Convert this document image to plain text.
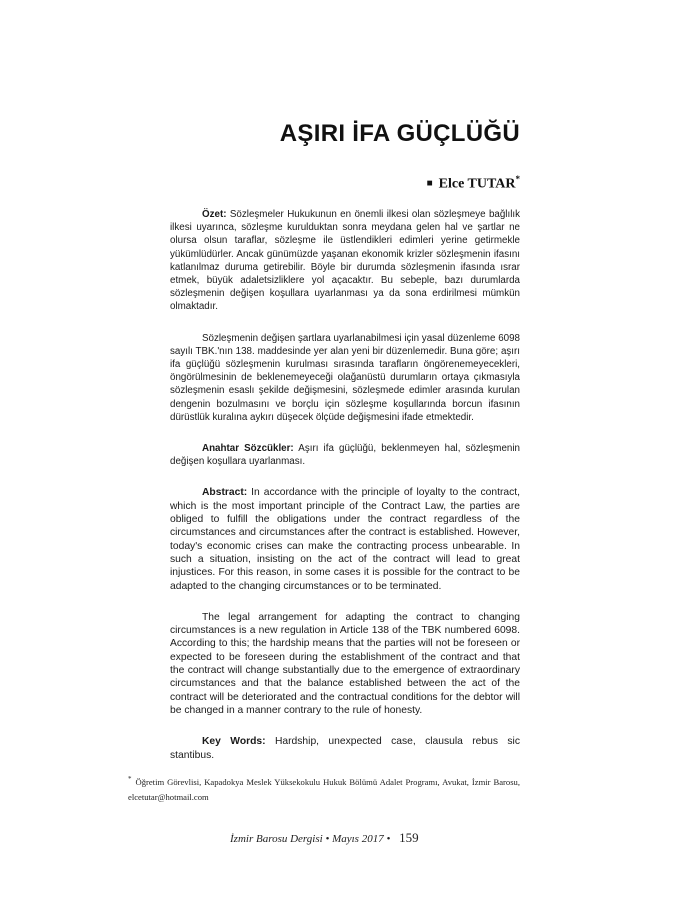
AŞIRI İFA GÜÇLÜĞÜ

■ Elce TUTAR*

Özet: Sözleşmeler Hukukunun en önemli ilkesi olan sözleşmeye bağlılık ilkesi uyarınca, sözleşme kurulduktan sonra meydana gelen hal ve şartlar ne olursa olsun taraflar, sözleşme ile üstlendikleri edimleri yerine getirmekle yükümlüdürler. Ancak günümüzde yaşanan ekonomik krizler sözleşmenin ifasını katlanılmaz duruma getirebilir. Böyle bir durumda sözleşmenin ifasında ısrar etmek, büyük adaletsizliklere yol açacaktır. Bu sebeple, bazı durumlarda sözleşmenin değişen koşullara uyarlanması ya da sona erdirilmesi mümkün olmaktadır.

Sözleşmenin değişen şartlara uyarlanabilmesi için yasal düzenleme 6098 sayılı TBK.'nın 138. maddesinde yer alan yeni bir düzenlemedir. Buna göre; aşırı ifa güçlüğü sözleşmenin kurulması sırasında tarafların öngörenemeyecekleri, öngörülmesinin de beklenemeyeceği olağanüstü durumların ortaya çıkmasıyla sözleşmenin esaslı şekilde değişmesini, sözleşmede edimler arasında kurulan dengenin bozulmasını ve borçlu için sözleşme koşullarında borcun ifasının dürüstlük kuralına aykırı düşecek ölçüde değişmesini ifade etmektedir.

Anahtar Sözcükler: Aşırı ifa güçlüğü, beklenmeyen hal, sözleşmenin değişen koşullara uyarlanması.

Abstract: In accordance with the principle of loyalty to the contract, which is the most important principle of the Contract Law, the parties are obliged to fulfill the obligations under the contract regardless of the circumstances and circumstances after the contract is established. However, today's economic crises can make the contracting process unbearable. In such a situation, insisting on the act of the contract will lead to great injustices. For this reason, in some cases it is possible for the contract to be adapted to the changing circumstances or to be terminated.

The legal arrangement for adapting the contract to changing circumstances is a new regulation in Article 138 of the TBK numbered 6098. According to this; the hardship means that the parties will not be foreseen or expected to be foreseen during the establishment of the contract and that the contract will change substantially due to the emergence of extraordinary circumstances and that the balance established between the act of the contract will be deteriorated and the contractual conditions for the debtor will be changed in a manner contrary to the rule of honesty.

Key Words: Hardship, unexpected case, clausula rebus sic stantibus.

* Öğretim Görevlisi, Kapadokya Meslek Yüksekokulu Hukuk Bölümü Adalet Programı, Avukat, İzmir Barosu, elcetutar@hotmail.com

İzmir Barosu Dergisi • Mayıs 2017 • 159
